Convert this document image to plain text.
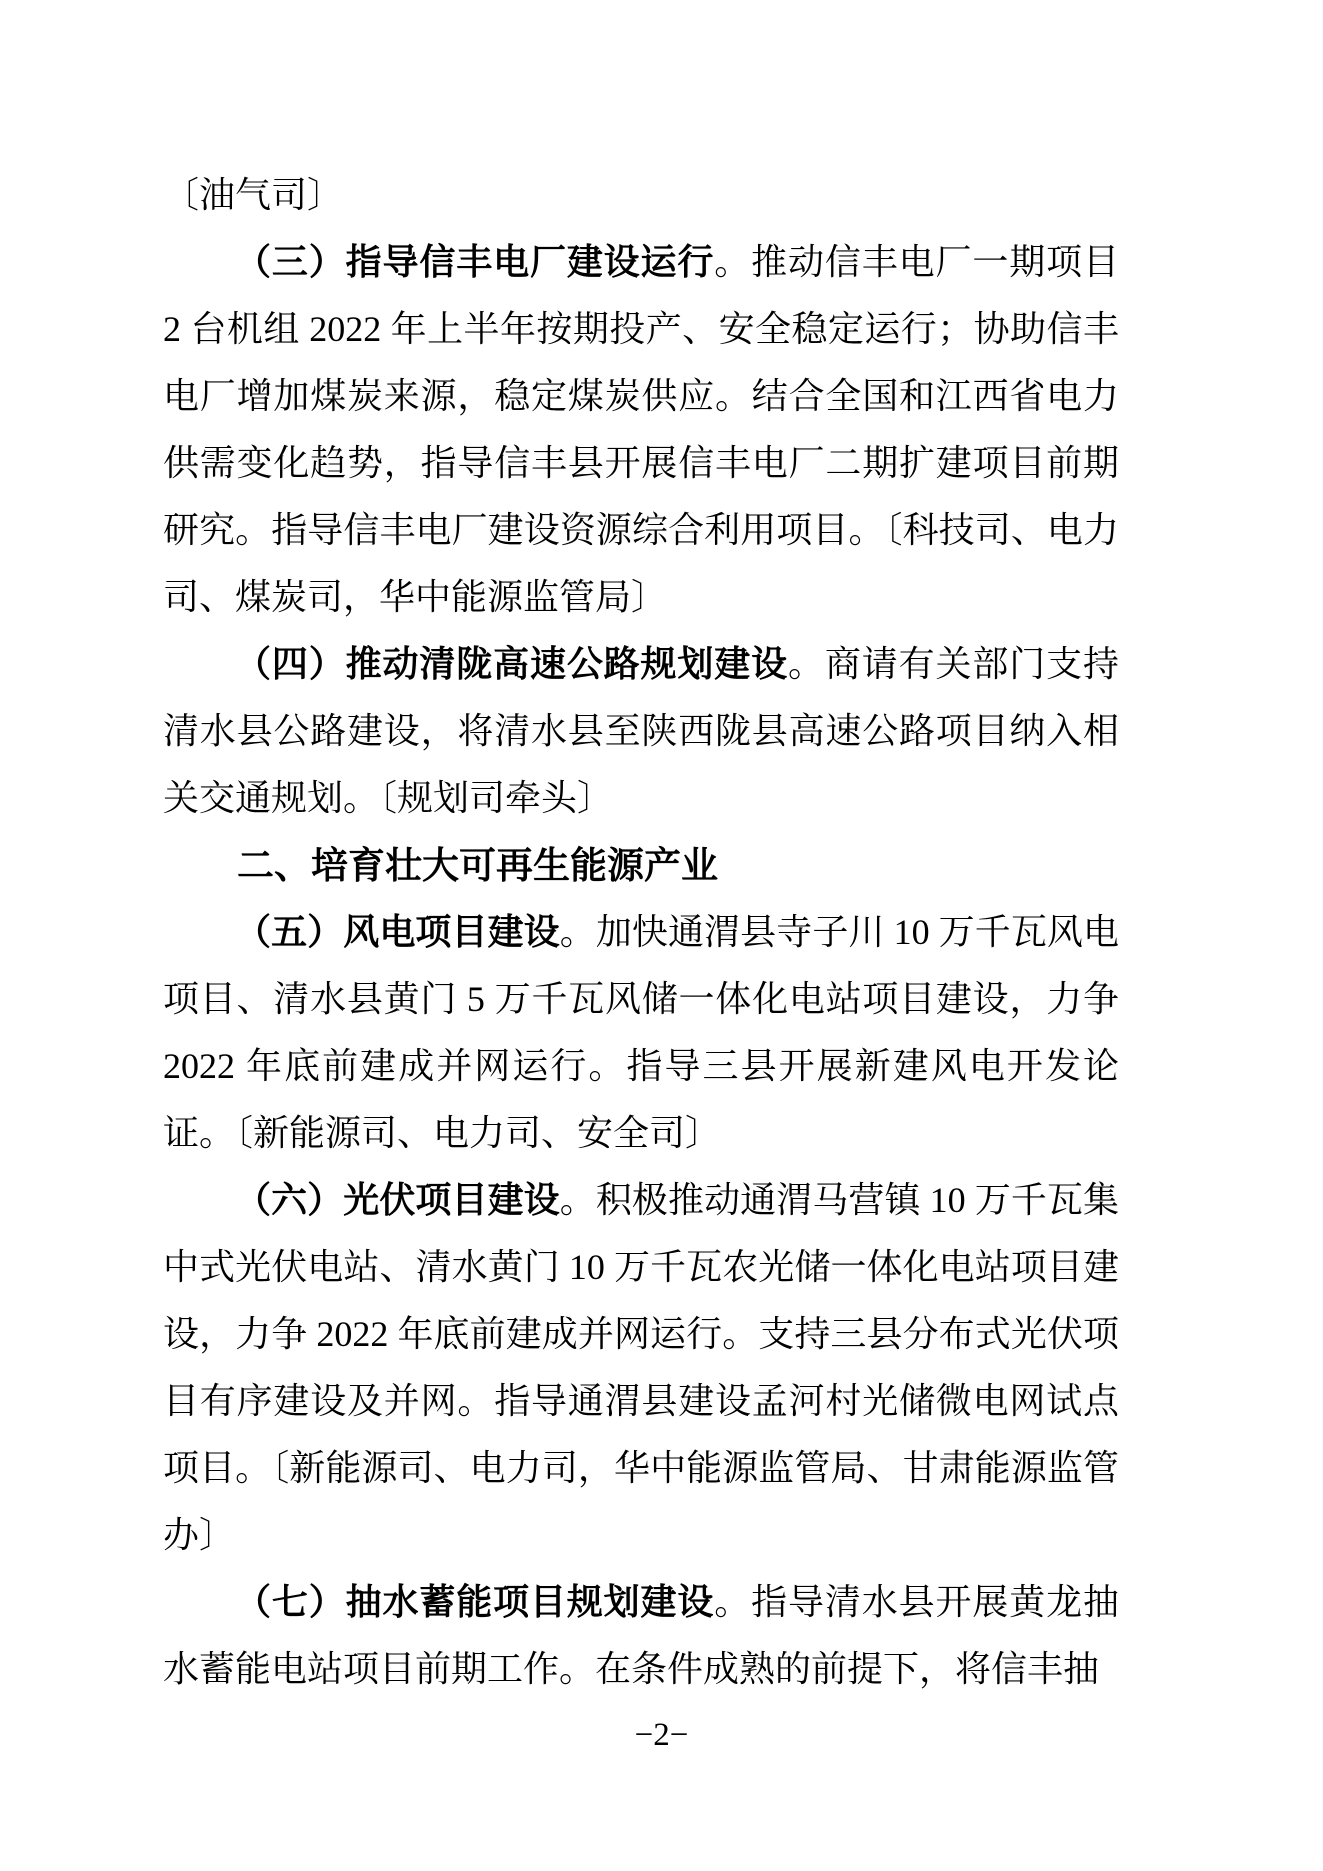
〔油气司〕

（三）指导信丰电厂建设运行。推动信丰电厂一期项目 2 台机组 2022 年上半年按期投产、安全稳定运行；协助信丰电厂增加煤炭来源，稳定煤炭供应。结合全国和江西省电力供需变化趋势，指导信丰县开展信丰电厂二期扩建项目前期研究。指导信丰电厂建设资源综合利用项目。〔科技司、电力司、煤炭司，华中能源监管局〕

（四）推动清陇高速公路规划建设。商请有关部门支持清水县公路建设，将清水县至陕西陇县高速公路项目纳入相关交通规划。〔规划司牵头〕

二、培育壮大可再生能源产业

（五）风电项目建设。加快通渭县寺子川 10 万千瓦风电项目、清水县黄门 5 万千瓦风储一体化电站项目建设，力争 2022 年底前建成并网运行。指导三县开展新建风电开发论证。〔新能源司、电力司、安全司〕

（六）光伏项目建设。积极推动通渭马营镇 10 万千瓦集中式光伏电站、清水黄门 10 万千瓦农光储一体化电站项目建设，力争 2022 年底前建成并网运行。支持三县分布式光伏项目有序建设及并网。指导通渭县建设孟河村光储微电网试点项目。〔新能源司、电力司，华中能源监管局、甘肃能源监管办〕

（七）抽水蓄能项目规划建设。指导清水县开展黄龙抽水蓄能电站项目前期工作。在条件成熟的前提下，将信丰抽

−2−
